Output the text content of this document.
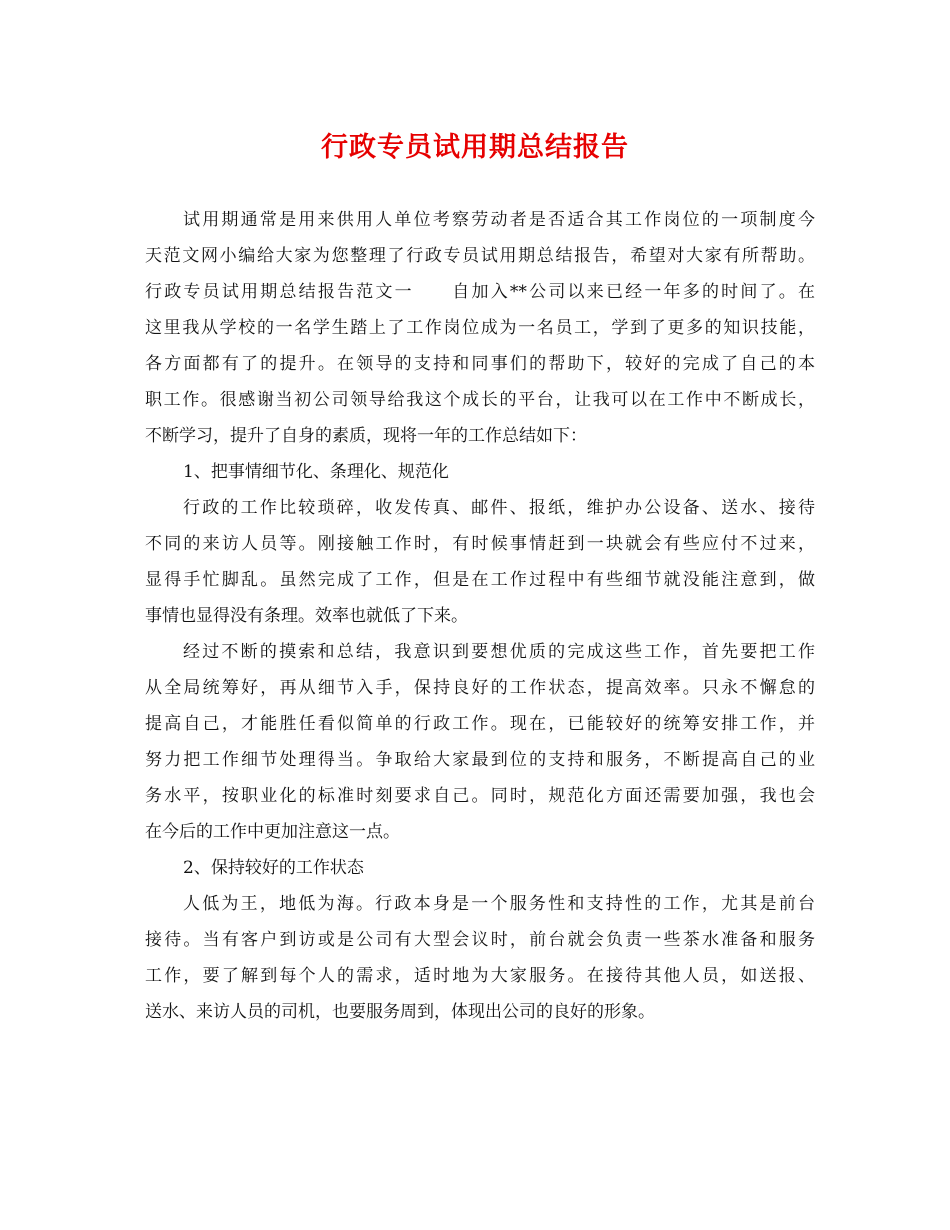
行政专员试用期总结报告
试用期通常是用来供用人单位考察劳动者是否适合其工作岗位的一项制度今
天范文网小编给大家为您整理了行政专员试用期总结报告，希望对大家有所帮助。
行政专员试用期总结报告范文一　　自加入**公司以来已经一年多的时间了。在
这里我从学校的一名学生踏上了工作岗位成为一名员工，学到了更多的知识技能，
各方面都有了的提升。在领导的支持和同事们的帮助下，较好的完成了自己的本
职工作。很感谢当初公司领导给我这个成长的平台，让我可以在工作中不断成长，
不断学习，提升了自身的素质，现将一年的工作总结如下：
1、把事情细节化、条理化、规范化
行政的工作比较琐碎，收发传真、邮件、报纸，维护办公设备、送水、接待
不同的来访人员等。刚接触工作时，有时候事情赶到一块就会有些应付不过来，
显得手忙脚乱。虽然完成了工作，但是在工作过程中有些细节就没能注意到，做
事情也显得没有条理。效率也就低了下来。
经过不断的摸索和总结，我意识到要想优质的完成这些工作，首先要把工作
从全局统筹好，再从细节入手，保持良好的工作状态，提高效率。只永不懈怠的
提高自己，才能胜任看似简单的行政工作。现在，已能较好的统筹安排工作，并
努力把工作细节处理得当。争取给大家最到位的支持和服务，不断提高自己的业
务水平，按职业化的标准时刻要求自己。同时，规范化方面还需要加强，我也会
在今后的工作中更加注意这一点。
2、保持较好的工作状态
人低为王，地低为海。行政本身是一个服务性和支持性的工作，尤其是前台
接待。当有客户到访或是公司有大型会议时，前台就会负责一些茶水准备和服务
工作，要了解到每个人的需求，适时地为大家服务。在接待其他人员，如送报、
送水、来访人员的司机，也要服务周到，体现出公司的良好的形象。
